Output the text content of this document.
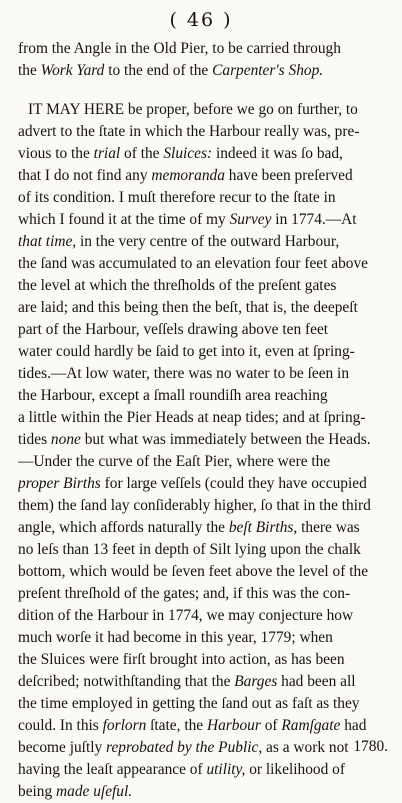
( 46 )
from the Angle in the Old Pier, to be carried through
the Work Yard to the end of the Carpenter's Shop.
IT MAY HERE be proper, before we go on further, to
advert to the ſtate in which the Harbour really was, pre-
vious to the trial of the Sluices: indeed it was ſo bad,
that I do not find any memoranda have been preſerved
of its condition. I muſt therefore recur to the ſtate in
which I found it at the time of my Survey in 1774.—At
that time, in the very centre of the outward Harbour,
the ſand was accumulated to an elevation four feet above
the level at which the threſholds of the preſent gates
are laid; and this being then the beſt, that is, the deepeſt
part of the Harbour, veſſels drawing above ten feet
water could hardly be ſaid to get into it, even at ſpring-
tides.—At low water, there was no water to be ſeen in
the Harbour, except a ſmall roundiſh area reaching
a little within the Pier Heads at neap tides; and at ſpring-
tides none but what was immediately between the Heads.
—Under the curve of the Eaſt Pier, where were the
proper Births for large veſſels (could they have occupied
them) the ſand lay conſiderably higher, ſo that in the third
angle, which affords naturally the beſt Births, there was
no leſs than 13 feet in depth of Silt lying upon the chalk
bottom, which would be ſeven feet above the level of the
preſent threſhold of the gates; and, if this was the con-
dition of the Harbour in 1774, we may conjecture how
much worſe it had become in this year, 1779; when
the Sluices were firſt brought into action, as has been
deſcribed; notwithſtanding that the Barges had been all
the time employed in getting the ſand out as faſt as they
could. In this forlorn ſtate, the Harbour of Ramſgate had
become juſtly reprobated by the Public, as a work not
having the leaſt appearance of utility, or likelihood of
being made uſeful.
1780.
